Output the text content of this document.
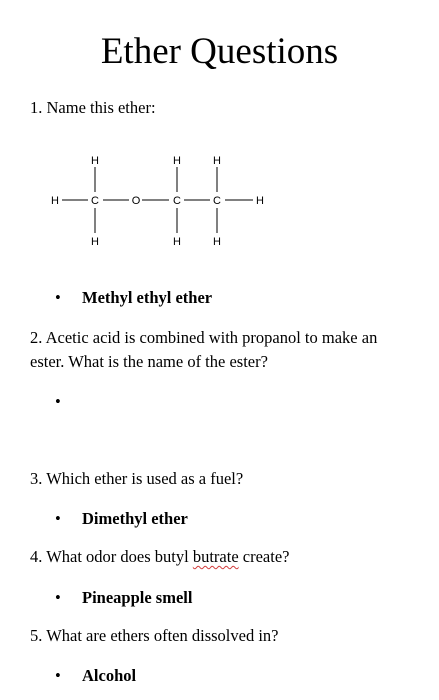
Ether Questions
1. Name this ether:
H	H	H
H	C	O	C	C	H
H	H	H
• Methyl ethyl ether
2. Acetic acid is combined with propanol to make an ester. What is the name of the ester?
•
3. Which ether is used as a fuel?
• Dimethyl ether
4. What odor does butyl butrate create?
• Pineapple smell
5. What are ethers often dissolved in?
• Alcohol
